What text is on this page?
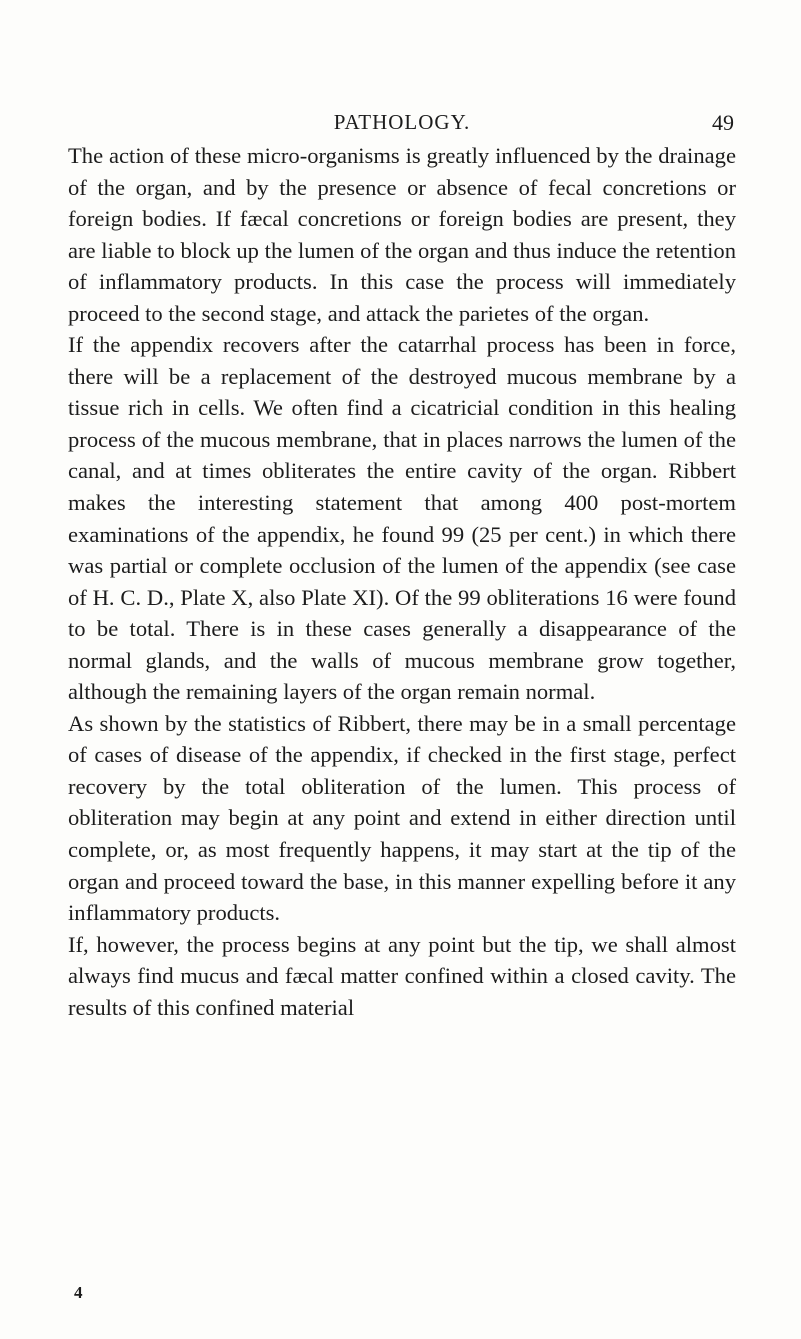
PATHOLOGY.	49

The action of these micro-organisms is greatly influenced by the drainage of the organ, and by the presence or absence of fecal concretions or foreign bodies. If fæcal concretions or foreign bodies are present, they are liable to block up the lumen of the organ and thus induce the retention of inflammatory products. In this case the process will immediately proceed to the second stage, and attack the parietes of the organ.

If the appendix recovers after the catarrhal process has been in force, there will be a replacement of the destroyed mucous membrane by a tissue rich in cells. We often find a cicatricial condition in this healing process of the mucous membrane, that in places narrows the lumen of the canal, and at times obliterates the entire cavity of the organ. Ribbert makes the interesting statement that among 400 post-mortem examinations of the appendix, he found 99 (25 per cent.) in which there was partial or complete occlusion of the lumen of the appendix (see case of H. C. D., Plate X, also Plate XI). Of the 99 obliterations 16 were found to be total. There is in these cases generally a disappearance of the normal glands, and the walls of mucous membrane grow together, although the remaining layers of the organ remain normal.

As shown by the statistics of Ribbert, there may be in a small percentage of cases of disease of the appendix, if checked in the first stage, perfect recovery by the total obliteration of the lumen. This process of obliteration may begin at any point and extend in either direction until complete, or, as most frequently happens, it may start at the tip of the organ and proceed toward the base, in this manner expelling before it any inflammatory products.

If, however, the process begins at any point but the tip, we shall almost always find mucus and fæcal matter confined within a closed cavity. The results of this confined material

4
